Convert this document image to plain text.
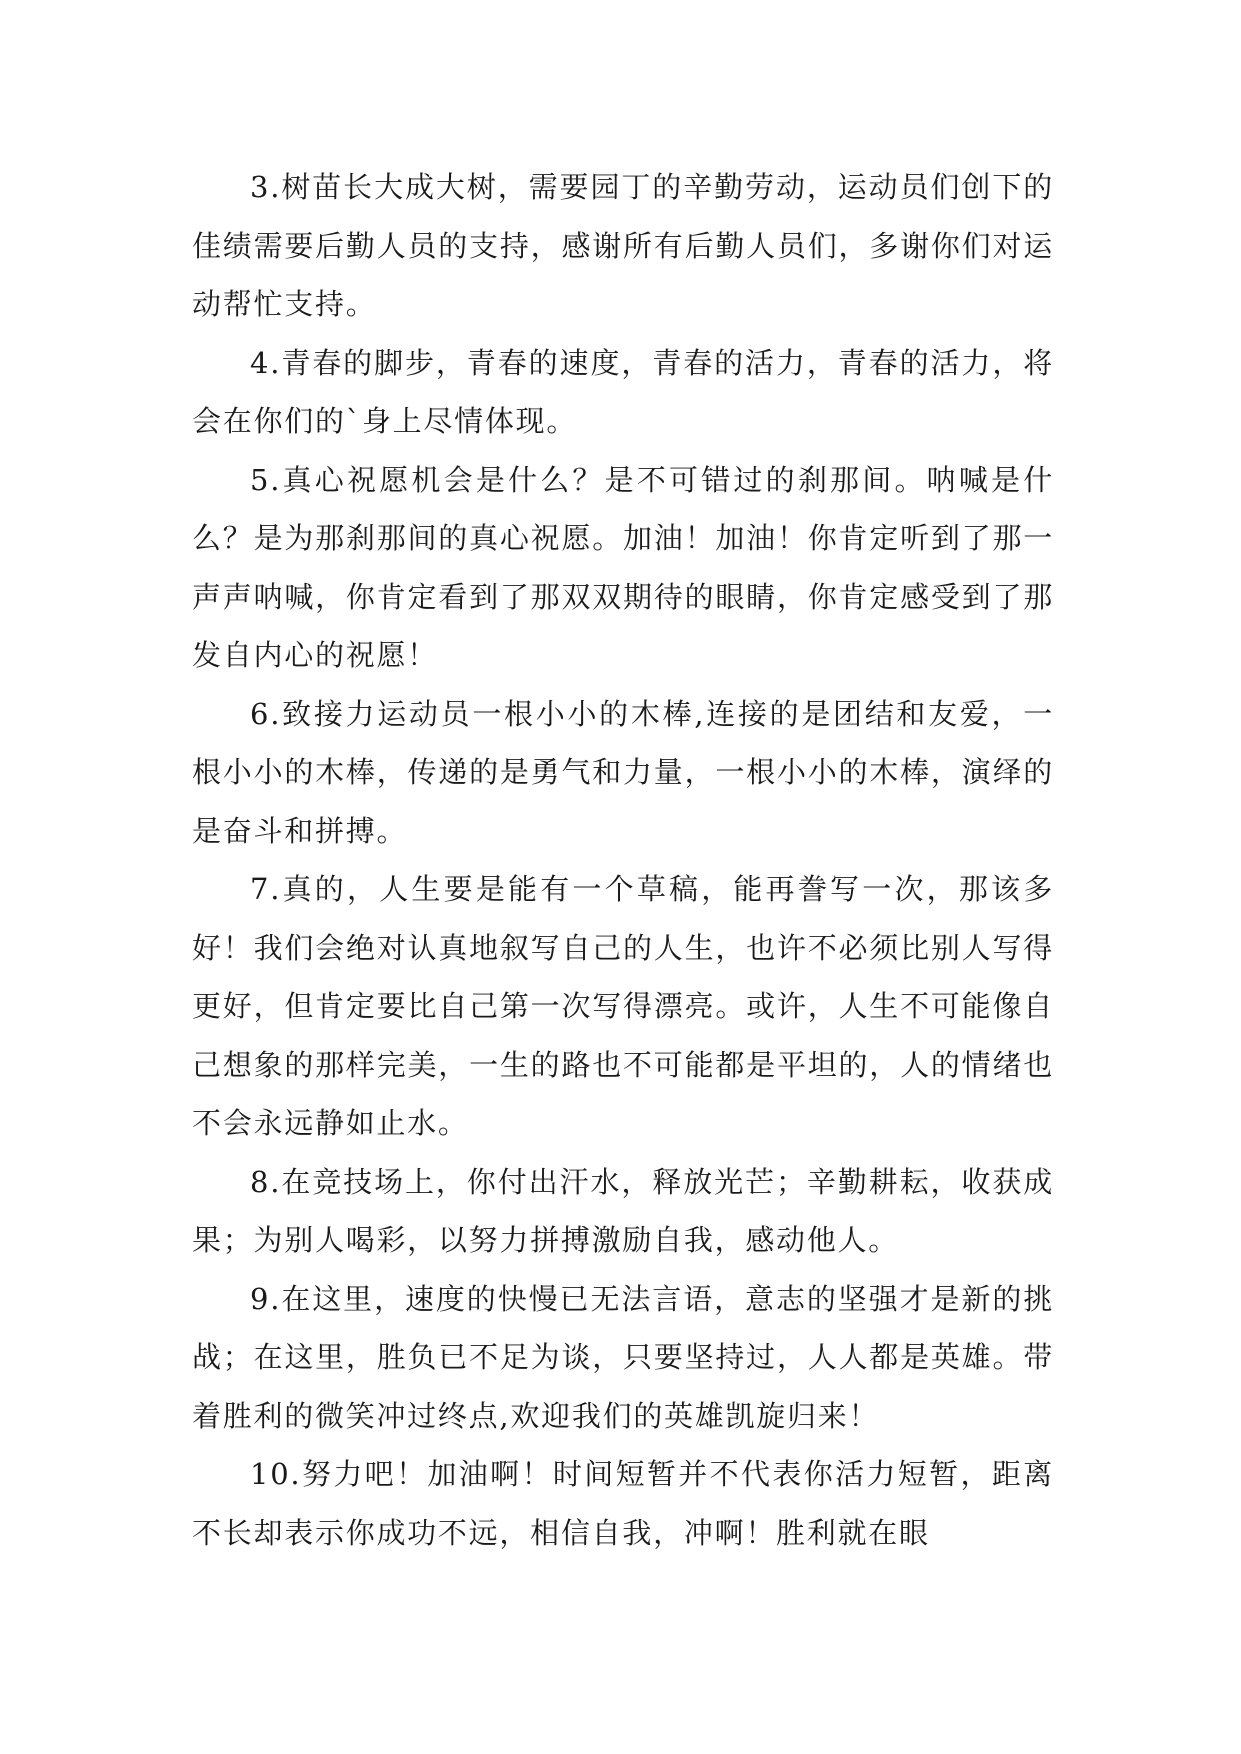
3.树苗长大成大树，需要园丁的辛勤劳动，运动员们创下的佳绩需要后勤人员的支持，感谢所有后勤人员们，多谢你们对运动帮忙支持。

4.青春的脚步，青春的速度，青春的活力，青春的活力，将会在你们的`身上尽情体现。

5.真心祝愿机会是什么？是不可错过的刹那间。呐喊是什么？是为那刹那间的真心祝愿。加油！加油！你肯定听到了那一声声呐喊，你肯定看到了那双双期待的眼睛，你肯定感受到了那发自内心的祝愿！

6.致接力运动员一根小小的木棒,连接的是团结和友爱，一根小小的木棒，传递的是勇气和力量，一根小小的木棒，演绎的是奋斗和拼搏。

7.真的，人生要是能有一个草稿，能再誊写一次，那该多好！我们会绝对认真地叙写自己的人生，也许不必须比别人写得更好，但肯定要比自己第一次写得漂亮。或许，人生不可能像自己想象的那样完美，一生的路也不可能都是平坦的，人的情绪也不会永远静如止水。

8.在竞技场上，你付出汗水，释放光芒；辛勤耕耘，收获成果；为别人喝彩，以努力拼搏激励自我，感动他人。

9.在这里，速度的快慢已无法言语，意志的坚强才是新的挑战；在这里，胜负已不足为谈，只要坚持过，人人都是英雄。带着胜利的微笑冲过终点,欢迎我们的英雄凯旋归来！

10.努力吧！加油啊！时间短暂并不代表你活力短暂，距离不长却表示你成功不远，相信自我，冲啊！胜利就在眼
